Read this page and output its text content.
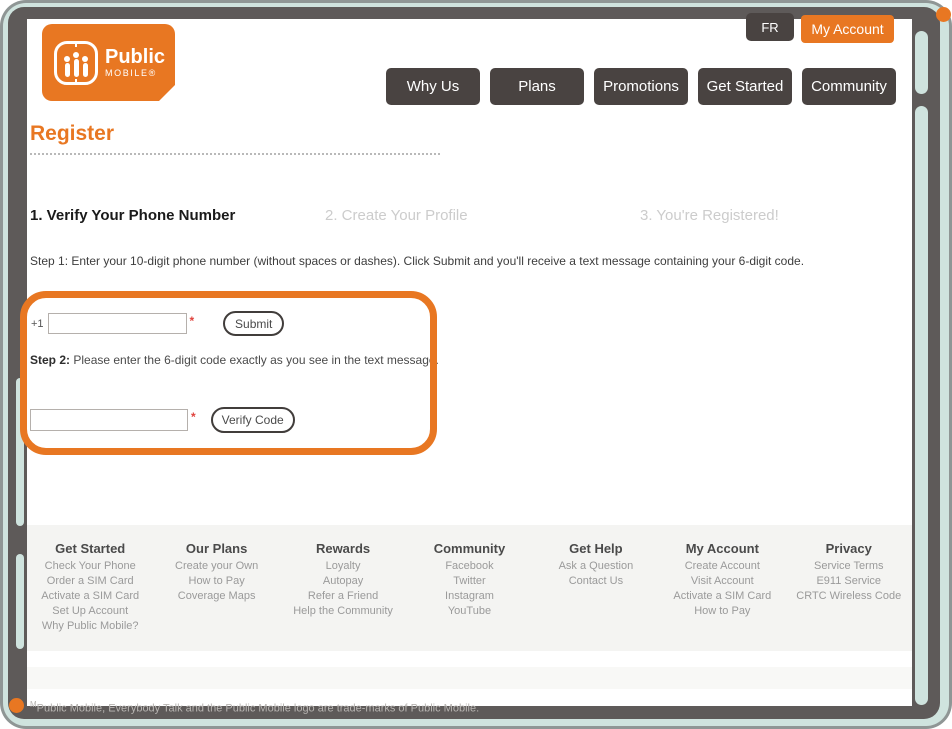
Public
MOBILE®
FR	My Account
Why Us	Plans	Promotions	Get Started	Community
Register
1. Verify Your Phone Number	2. Create Your Profile	3. You're Registered!
Step 1: Enter your 10-digit phone number (without spaces or dashes). Click Submit and you'll receive a text message containing your 6-digit code.
+1	*	Submit
Step 2: Please enter the 6-digit code exactly as you see in the text message.
*	Verify Code
Get Started
Check Your Phone
Order a SIM Card
Activate a SIM Card
Set Up Account
Why Public Mobile?
Our Plans
Create your Own
How to Pay
Coverage Maps
Rewards
Loyalty
Autopay
Refer a Friend
Help the Community
Community
Facebook
Twitter
Instagram
YouTube
Get Help
Ask a Question
Contact Us
My Account
Create Account
Visit Account
Activate a SIM Card
How to Pay
Privacy
Service Terms
E911 Service
CRTC Wireless Code
$^M$Public Mobile, Everybody Talk and the Public Mobile logo are trade-marks of Public Mobile.
